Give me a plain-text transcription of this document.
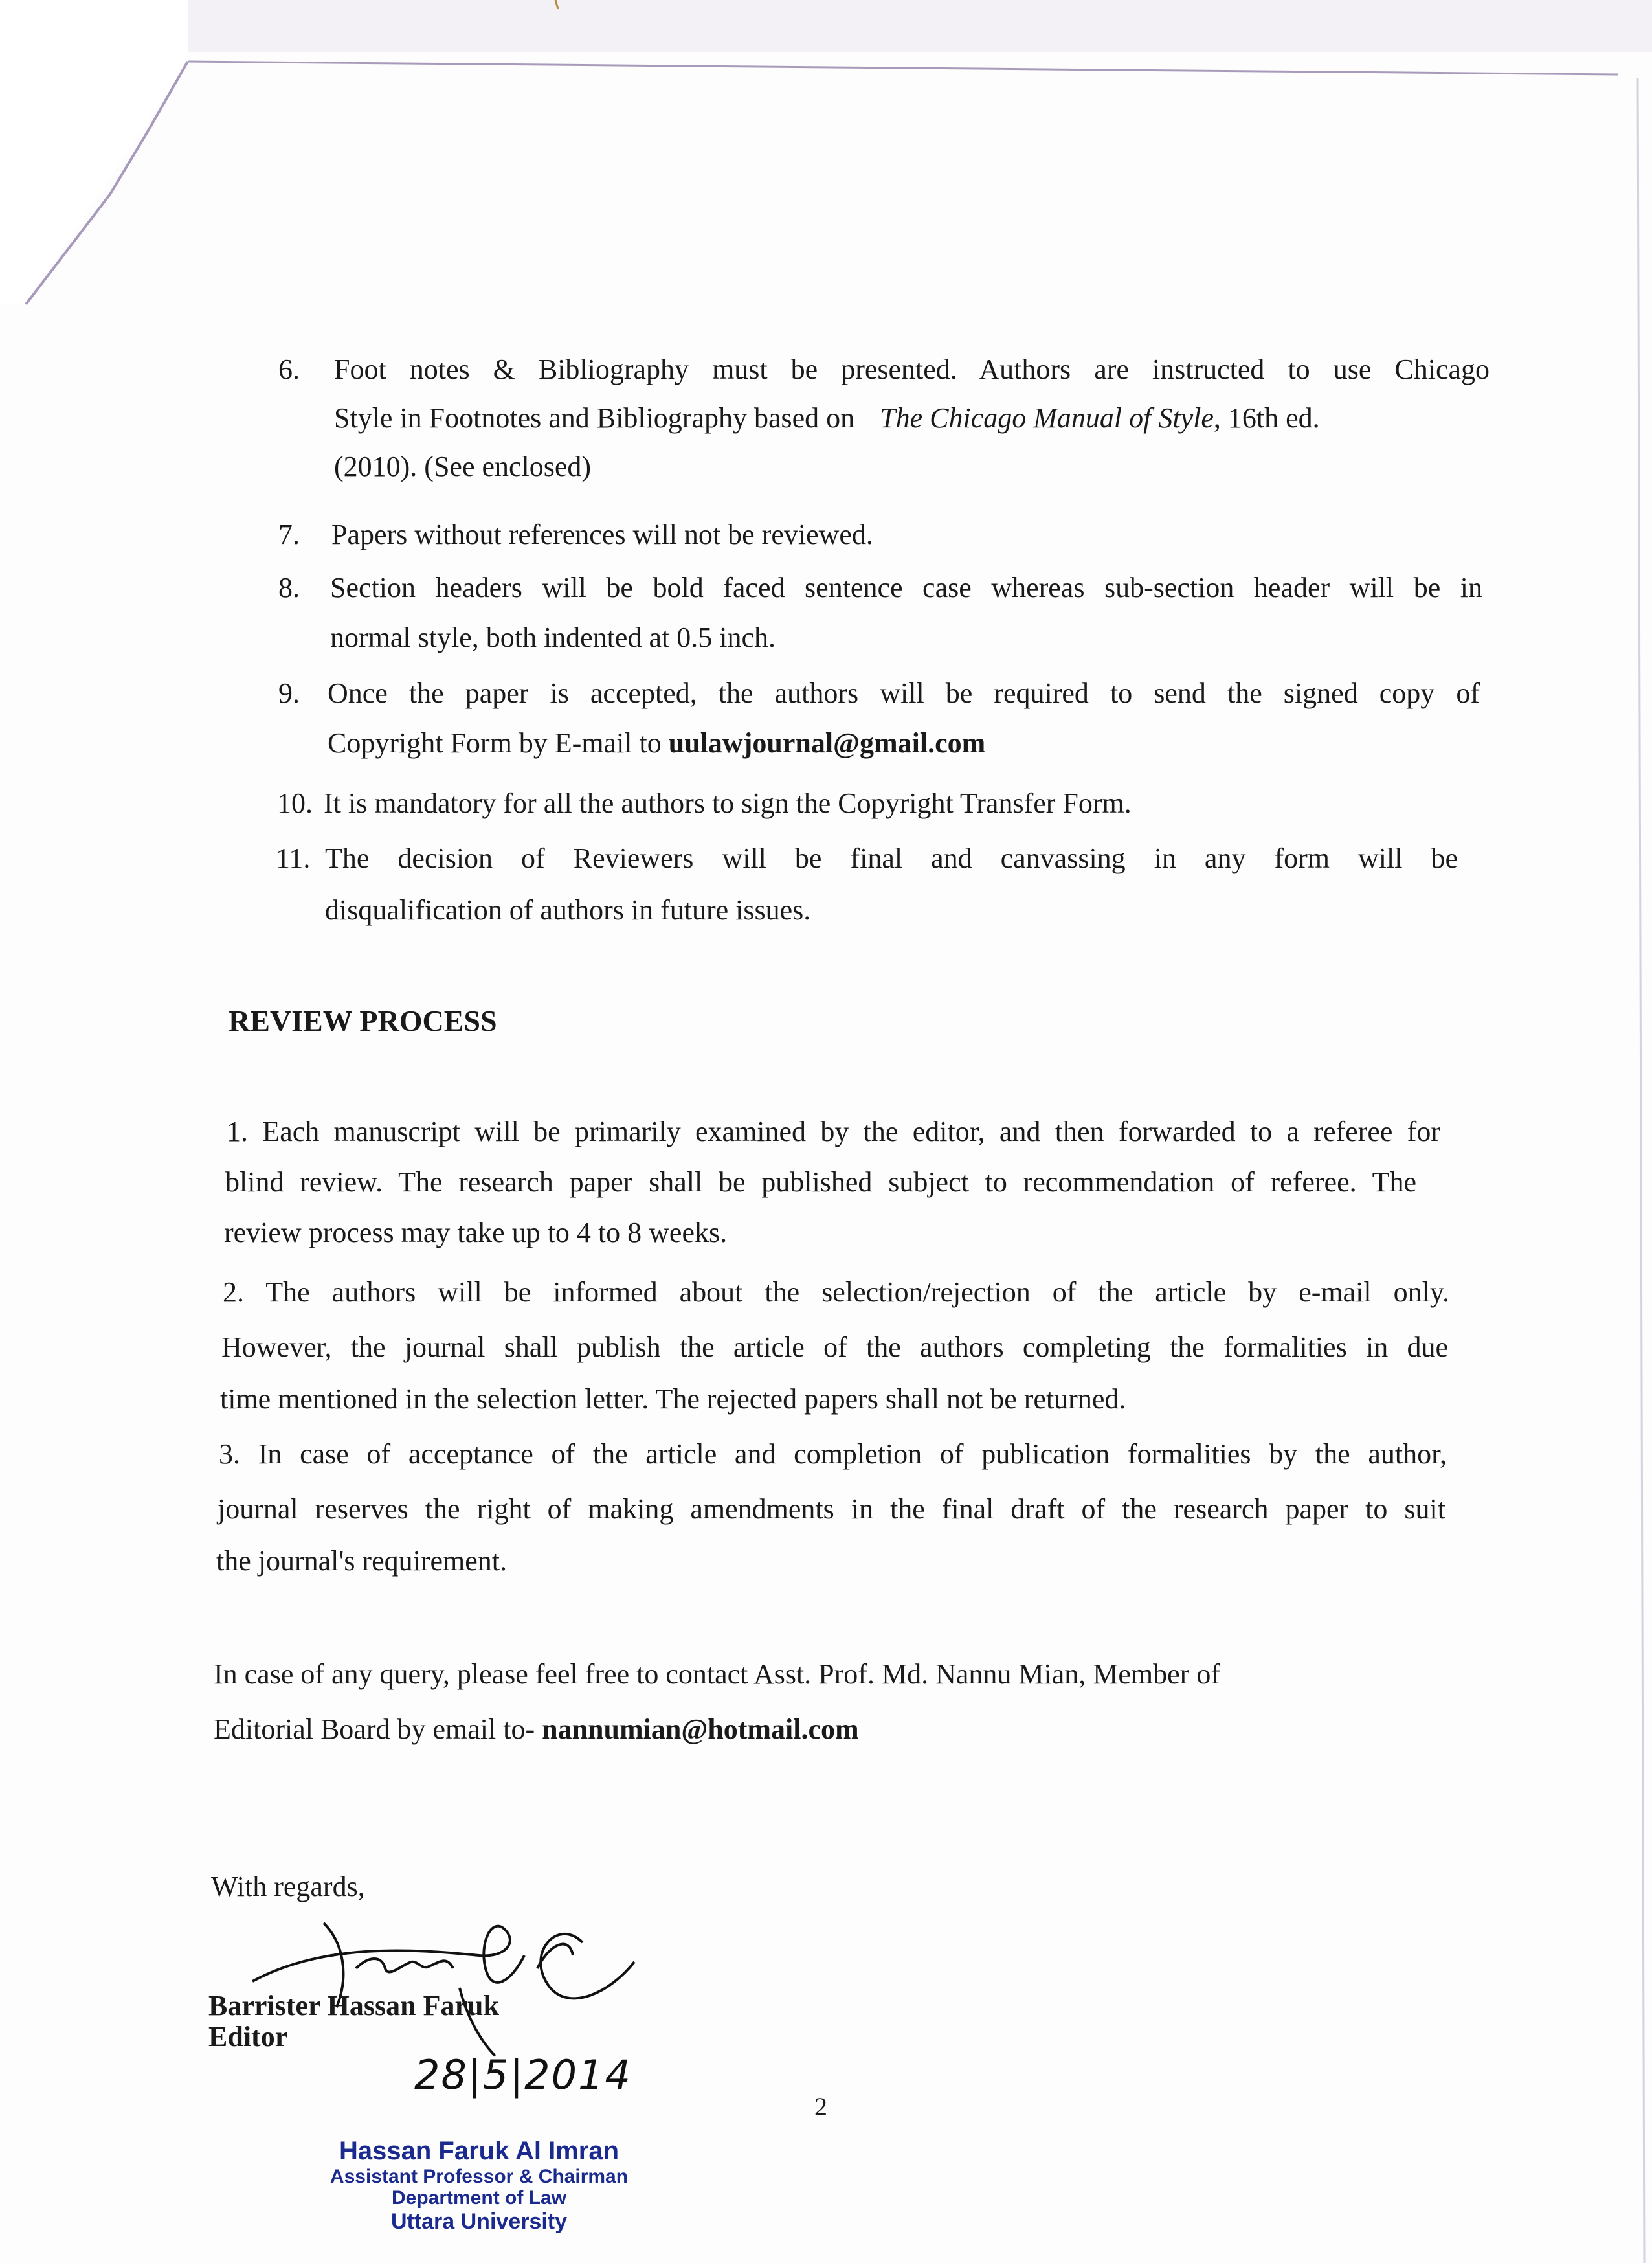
6. Foot notes & Bibliography must be presented. Authors are instructed to use Chicago
Style in Footnotes and Bibliography based on The Chicago Manual of Style, 16th ed.
(2010). (See enclosed)
7. Papers without references will not be reviewed.
8. Section headers will be bold faced sentence case whereas sub-section header will be in
normal style, both indented at 0.5 inch.
9. Once the paper is accepted, the authors will be required to send the signed copy of
Copyright Form by E-mail to uulawjournal@gmail.com
10. It is mandatory for all the authors to sign the Copyright Transfer Form.
11. The decision of Reviewers will be final and canvassing in any form will be
disqualification of authors in future issues.
REVIEW PROCESS
1. Each manuscript will be primarily examined by the editor, and then forwarded to a referee for
blind review. The research paper shall be published subject to recommendation of referee. The
review process may take up to 4 to 8 weeks.
2. The authors will be informed about the selection/rejection of the article by e-mail only.
However, the journal shall publish the article of the authors completing the formalities in due
time mentioned in the selection letter. The rejected papers shall not be returned.
3. In case of acceptance of the article and completion of publication formalities by the author,
journal reserves the right of making amendments in the final draft of the research paper to suit
the journal's requirement.
In case of any query, please feel free to contact Asst. Prof. Md. Nannu Mian, Member of
Editorial Board by email to- nannumian@hotmail.com
With regards,
Barrister Hassan Faruk
Editor
28|5|2014
2
Hassan Faruk Al Imran
Assistant Professor & Chairman
Department of Law
Uttara University
